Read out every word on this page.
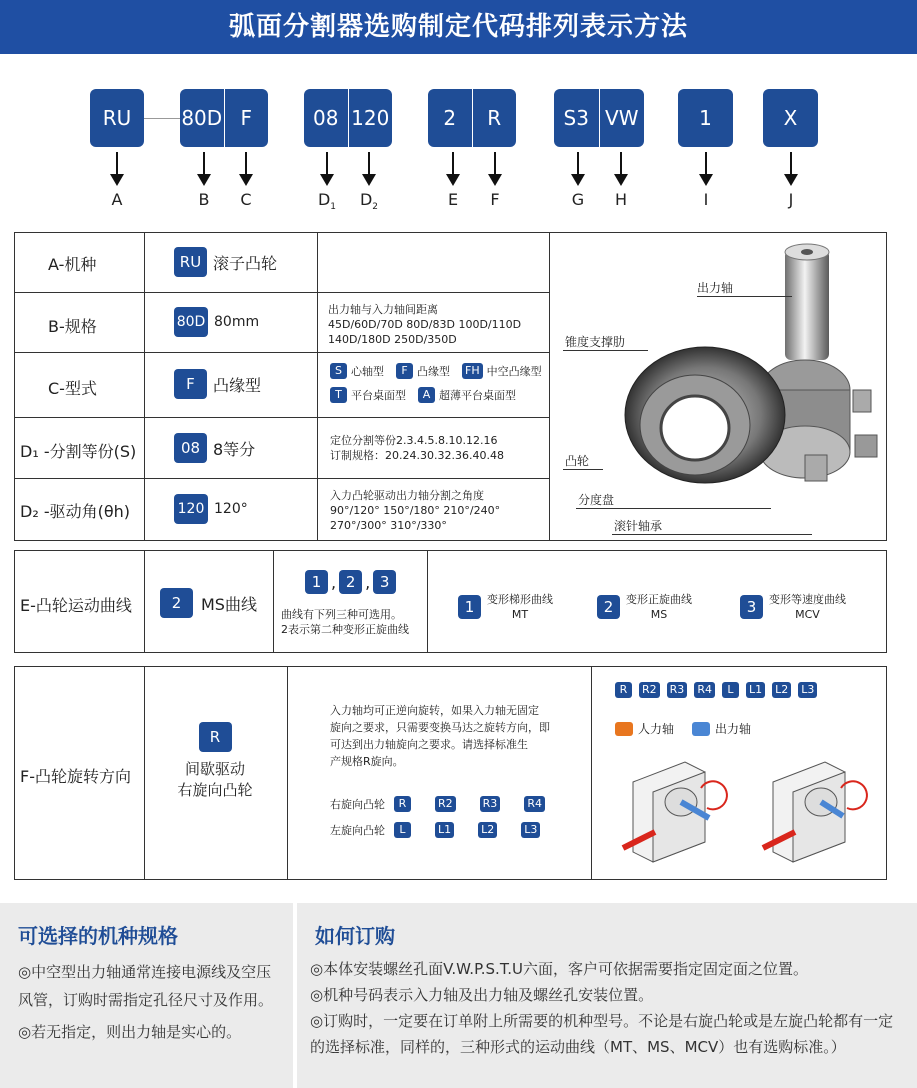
弧面分割器选购制定代码排列表示方法
RU	80D F	08 120	2	R	S3 VW	1	X
A	B	C	$D_1$	$D_2$	E	F	G	H	I	J
A-机种	RU 滚子凸轮
B-规格	80D 80mm
出力轴与入力轴间距离
45D/60D/70D 80D/83D 100D/110D
140D/180D 250D/350D
C-型式	F	凸缘型
S 心轴型	F 凸缘型 FH 中空凸缘型
T 平台桌面型	A 超薄平台桌面型
D₁ -分割等份(S)	08 8等分	定位分割等份2.3.4.5.8.10.12.16
订制规格：20.24.30.32.36.40.48
D₂ -驱动角(θh)	120 120°
入力凸轮驱动出力轴分割之角度
90°/120° 150°/180° 210°/240°
270°/300° 310°/330°
出力轴
锥度支撑肋
凸轮
分度盘
滚针轴承
E-凸轮运动曲线	2	MS曲线
1 , 2 , 3
曲线有下列三种可选用。
2表示第二种变形正旋曲线
1	变形梯形曲线
MT	2	变形正旋曲线
MS	3	变形等速度曲线
MCV
F-凸轮旋转方向
R
间歇驱动
右旋向凸轮
入力轴均可正逆向旋转，如果入力轴无固定
旋向之要求，只需要变换马达之旋转方向，即
可达到出力轴旋向之要求。请选择标准生
产规格R旋向。
右旋向凸轮	R	R2	R3	R4
左旋向凸轮	L	L1	L2	L3
R	R2 R3 R4	L	L1 L2 L3
人力轴	出力轴
可选择的机种规格
◎中空型出力轴通常连接电源线及空压风管，订购时需指定孔径尺寸及作用。
◎若无指定，则出力轴是实心的。
如何订购
◎本体安装螺丝孔面V.W.P.S.T.U六面，客户可依据需要指定固定面之位置。
◎机种号码表示入力轴及出力轴及螺丝孔安装位置。
◎订购时，一定要在订单附上所需要的机种型号。不论是右旋凸轮或是左旋凸轮都有一定的选择标准，同样的，三种形式的运动曲线（MT、MS、MCV）也有选购标准。）
